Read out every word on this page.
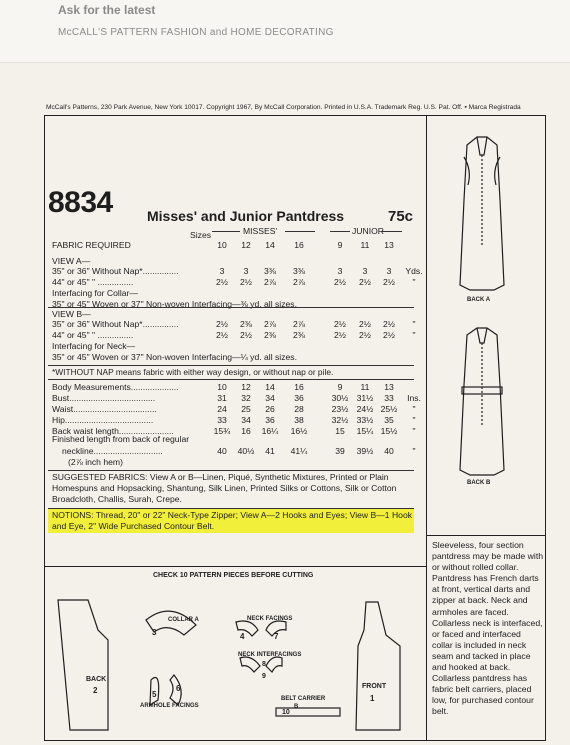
Ask for the latest
McCALL'S PATTERN FASHION and HOME DECORATING
McCall's Patterns, 230 Park Avenue, New York 10017. Copyright 1967, By McCall Corporation. Printed in U.S.A. Trademark Reg. U.S. Pat. Off. ▪ Marca Registrada
8834 Misses' and Junior Pantdress	75c
Sizes	MISSES'	JUNIOR
FABRIC REQUIRED	10	12	14	16	9	11	13
VIEW A—
35" or 36" Without Nap*...............	3	3	3⅜	3⅜	3	3	3	Yds.
44" or 45" " ...............	2½	2½	2⅞	2⅞	2½	2½	2½	"
Interfacing for Collar—
35" or 45" Woven or 37" Non-woven Interfacing—⅜ yd. all sizes.
VIEW B—
35" or 36" Without Nap*...............	2½	2⅜	2⅞	2⅞	2½	2½	2½	"
44" or 45" " ...............	2½	2½	2⅜	2⅜	2½	2½	2½	"
Interfacing for Neck—
35" or 45" Woven or 37" Non-woven Interfacing—¼ yd. all sizes.
*WITHOUT NAP means fabric with either way design, or without nap or pile.
Body Measurements....................	10	12	14	16	9	11	13
Bust....................................	31	32	34	36	30½ 31½	33	Ins.
Waist...................................	24	25	26	28	23½ 24½ 25½	"
Hip.....................................	33	34	36	38	32½ 33½	35	"
Back waist length.......................	15¾	16	16¼	16½	15	15¼ 15½	"
Finished length from back of regular
neckline.............................
(2⅞ inch hem)
40	40½	41	41¼	39	39½	40	"
SUGGESTED FABRICS: View A or B—Linen, Piqué, Synthetic Mixtures, Printed or Plain Homespuns and Hopsacking, Shantung, Silk Linen, Printed Silks or Cottons, Silk or Cotton Broadcloth, Challis, Surah, Crepe.
NOTIONS: Thread, 20" or 22" Neck-Type Zipper; View A—2 Hooks and Eyes; View B—1 Hook and Eye, 2" Wide Purchased Contour Belt.
BACK A
BACK B
Sleeveless, four section pantdress may be made with or without rolled collar. Pantdress has French darts at front, vertical darts and zipper at back. Neck and armholes are faced. Collarless neck is interfaced, or faced and interfaced collar is included in neck seam and tacked in place and hooked at back. Collarless pantdress has fabric belt carriers, placed low, for purchased contour belt.
CHECK 10 PATTERN PIECES BEFORE CUTTING
BACK
2
COLLAR A
3
5
6
ARMHOLE FACINGS
NECK FACINGS
4	7
NECK INTERFACINGS
8
9
BELT CARRIER
B
10
FRONT
1
